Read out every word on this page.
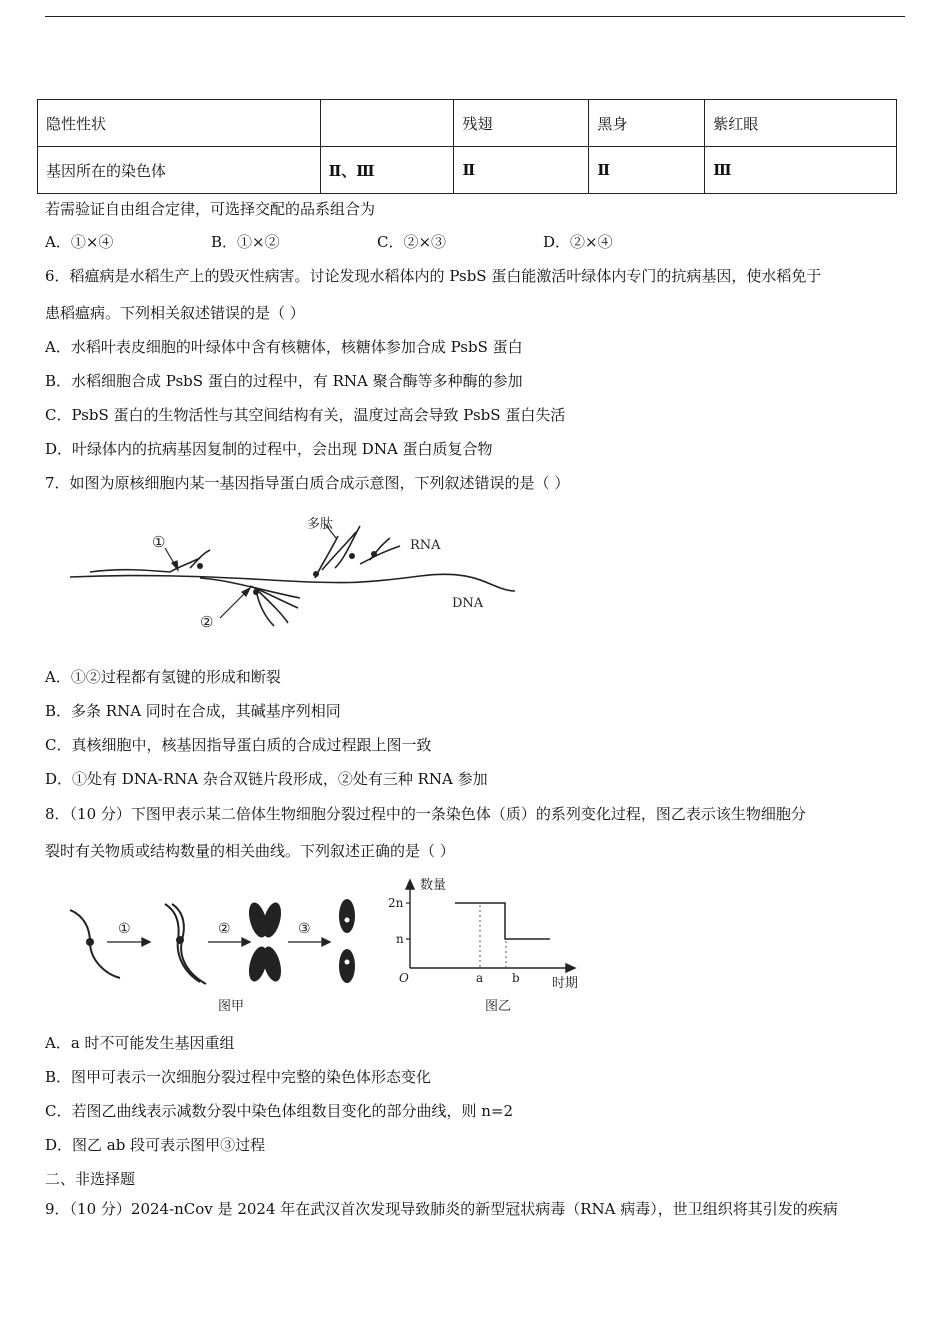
隐性性状		残翅	黑身	紫红眼
基因所在的染色体	Ⅱ、Ⅲ	Ⅱ	Ⅱ	Ⅲ
若需验证自由组合定律，可选择交配的品系组合为
A．①×④	B．①×②	C．②×③	D．②×④
6．稻瘟病是水稻生产上的毁灭性病害。讨论发现水稻体内的 PsbS 蛋白能激活叶绿体内专门的抗病基因，使水稻免于
患稻瘟病。下列相关叙述错误的是（ ）
A．水稻叶表皮细胞的叶绿体中含有核糖体，核糖体参加合成 PsbS 蛋白
B．水稻细胞合成 PsbS 蛋白的过程中，有 RNA 聚合酶等多种酶的参加
C．PsbS 蛋白的生物活性与其空间结构有关，温度过高会导致 PsbS 蛋白失活
D．叶绿体内的抗病基因复制的过程中，会出现 DNA 蛋白质复合物
7．如图为原核细胞内某一基因指导蛋白质合成示意图，下列叙述错误的是（ ）
①
②
多肽
RNA
DNA
A．①②过程都有氢键的形成和断裂
B．多条 RNA 同时在合成，其碱基序列相同
C．真核细胞中，核基因指导蛋白质的合成过程跟上图一致
D．①处有 DNA-RNA 杂合双链片段形成，②处有三种 RNA 参加
8．（10 分）下图甲表示某二倍体生物细胞分裂过程中的一条染色体（质）的系列变化过程，图乙表示该生物细胞分
裂时有关物质或结构数量的相关曲线。下列叙述正确的是（ ）
①	②	③
图甲
数量
2n
n
O	a b 时期
图乙
A．a 时不可能发生基因重组
B．图甲可表示一次细胞分裂过程中完整的染色体形态变化
C．若图乙曲线表示减数分裂中染色体组数目变化的部分曲线，则 n=2
D．图乙 ab 段可表示图甲③过程
二、非选择题
9．（10 分）2024-nCov 是 2024 年在武汉首次发现导致肺炎的新型冠状病毒（RNA 病毒），世卫组织将其引发的疾病
